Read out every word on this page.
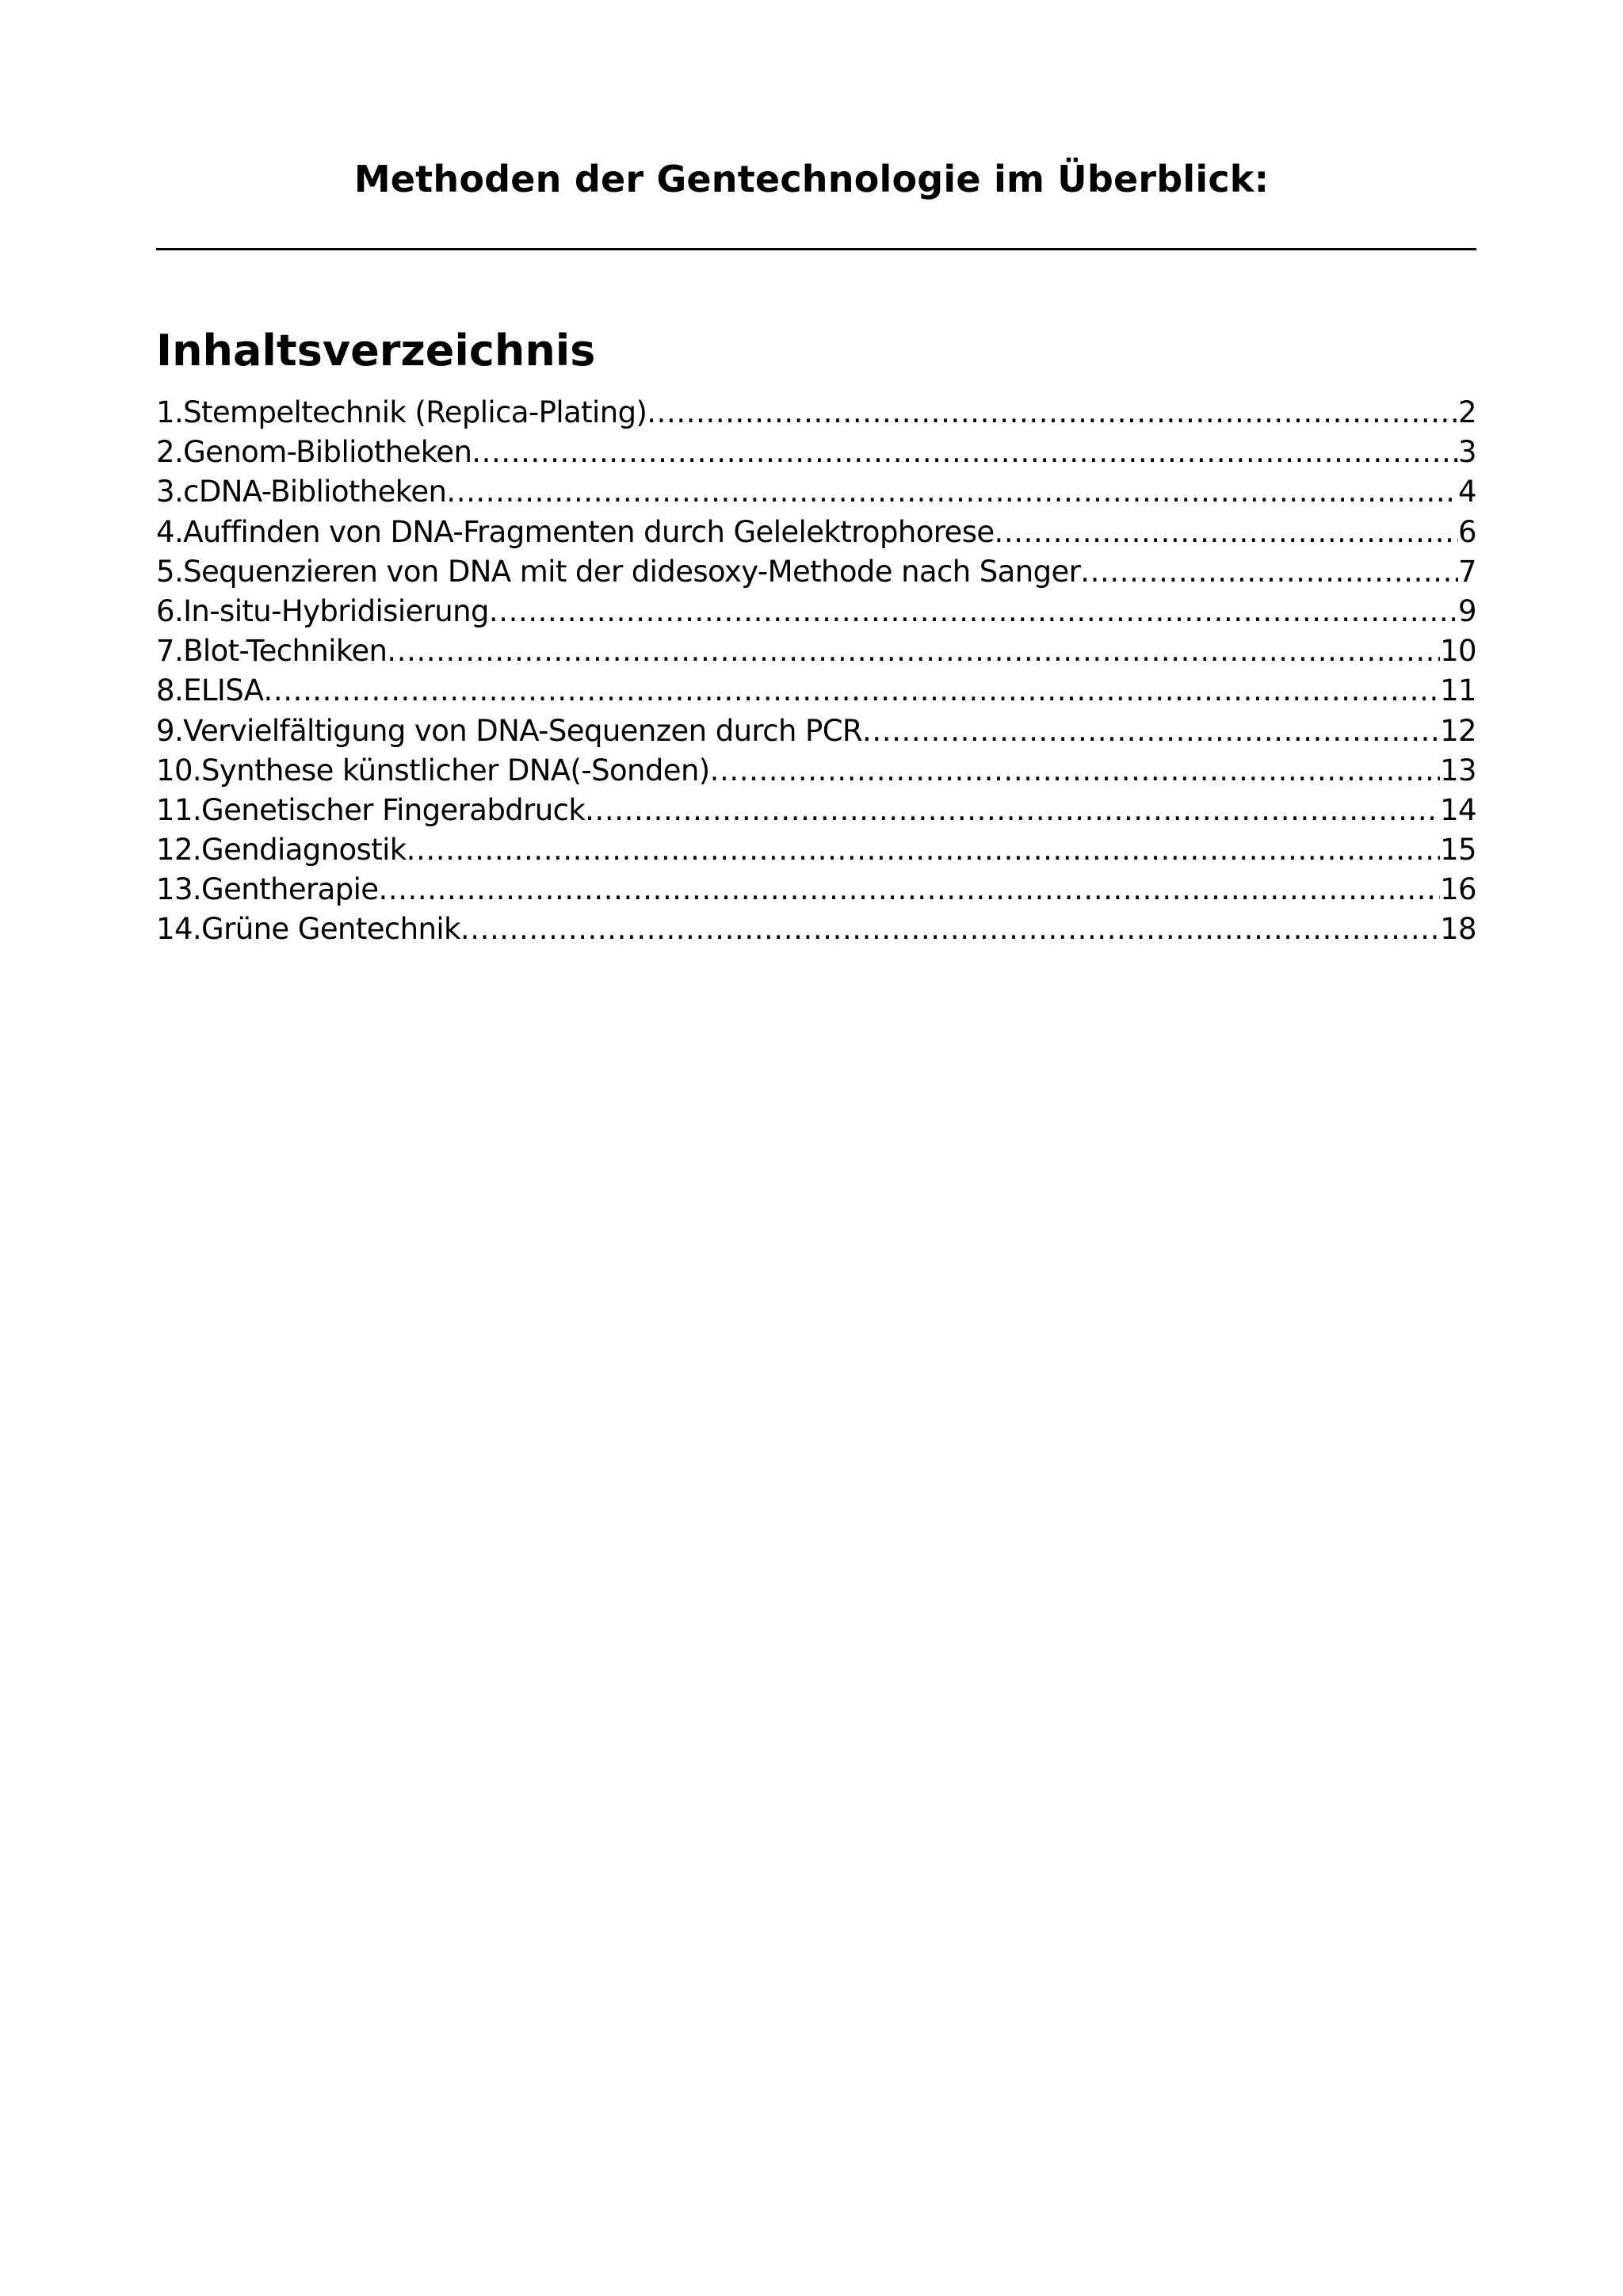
Methoden der Gentechnologie im Überblick:
Inhaltsverzeichnis
1.Stempeltechnik (Replica-Plating) .....	2
2.Genom-Bibliotheken .....	3
3.cDNA-Bibliotheken .....	4
4.Auffinden von DNA-Fragmenten durch Gelelektrophorese .....	6
5.Sequenzieren von DNA mit der didesoxy-Methode nach Sanger .....	7
6.In-situ-Hybridisierung .....	9
7.Blot-Techniken .....	10
8.ELISA .....	11
9.Vervielfältigung von DNA-Sequenzen durch PCR .....	12
10.Synthese künstlicher DNA(-Sonden) .....	13
11.Genetischer Fingerabdruck .....	14
12.Gendiagnostik .....	15
13.Gentherapie .....	16
14.Grüne Gentechnik .....	18
